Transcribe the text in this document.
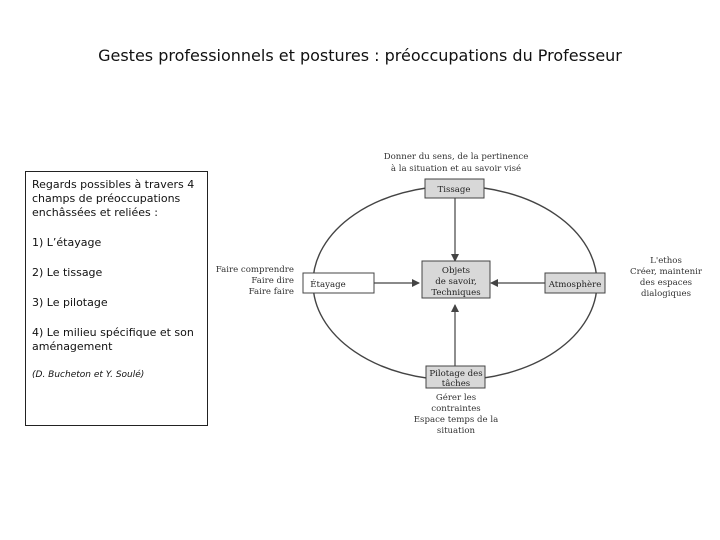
Gestes professionnels et postures : préoccupations du Professeur

Regards possibles à travers 4 champs de préoccupations enchâssées et reliées :

1) L’étayage

2) Le tissage

3) Le pilotage

4) Le milieu spécifique et son aménagement

(D. Bucheton et Y. Soulé)

Donner du sens, de la pertinence
à la situation et au savoir visé
Tissage
Étayage	Atmosphère
Objets
de savoir,
Techniques
Pilotage des
tâches
Faire comprendre
Faire dire
Faire faire
L'ethos
Créer, maintenir
des espaces
dialogiques
Gérer les
contraintes
Espace temps de la
situation
